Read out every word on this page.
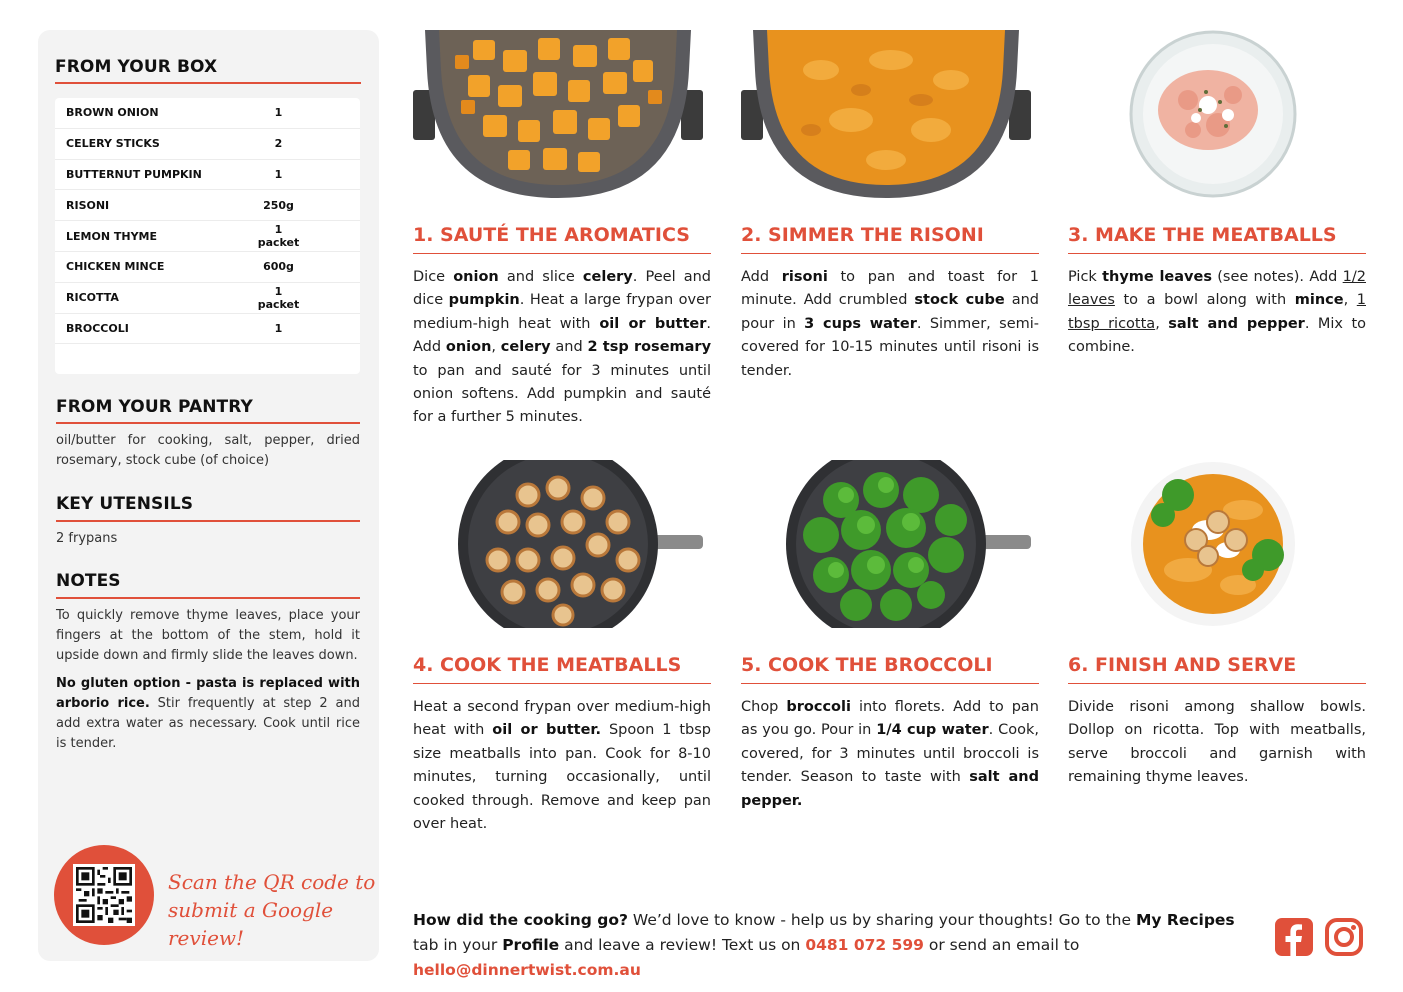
FROM YOUR BOX
BROWN ONION	1
CELERY STICKS	2
BUTTERNUT PUMPKIN	1
RISONI	250g
LEMON THYME	1 packet
CHICKEN MINCE	600g
RICOTTA	1 packet
BROCCOLI	1
FROM YOUR PANTRY
oil/butter for cooking, salt, pepper, dried rosemary, stock cube (of choice)
KEY UTENSILS
2 frypans
NOTES
To quickly remove thyme leaves, place your fingers at the bottom of the stem, hold it upside down and firmly slide the leaves down.
No gluten option - pasta is replaced with arborio rice. Stir frequently at step 2 and add extra water as necessary. Cook until rice is tender.
Scan the QR code to
submit a Google review!
1. SAUTÉ THE AROMATICS	2. SIMMER THE RISONI	3. MAKE THE MEATBALLS
4. COOK THE MEATBALLS	5. COOK THE BROCCOLI	6. FINISH AND SERVE
Dice onion and slice celery. Peel and dice pumpkin. Heat a large frypan over medium-high heat with oil or butter. Add onion, celery and 2 tsp rosemary to pan and sauté for 3 minutes until onion softens. Add pumpkin and sauté for a further 5 minutes.
Add risoni to pan and toast for 1 minute. Add crumbled stock cube and pour in 3 cups water. Simmer, semi-covered for 10-15 minutes until risoni is tender.
Pick thyme leaves (see notes). Add 1/2 leaves to a bowl along with mince, 1 tbsp ricotta, salt and pepper. Mix to combine.
Heat a second frypan over medium-high heat with oil or butter. Spoon 1 tbsp size meatballs into pan. Cook for 8-10 minutes, turning occasionally, until cooked through. Remove and keep pan over heat.
Chop broccoli into florets. Add to pan as you go. Pour in 1/4 cup water. Cook, covered, for 3 minutes until broccoli is tender. Season to taste with salt and pepper.
Divide risoni among shallow bowls. Dollop on ricotta. Top with meatballs, serve broccoli and garnish with remaining thyme leaves.
How did the cooking go? We’d love to know - help us by sharing your thoughts! Go to the My Recipes tab in your Profile and leave a review! Text us on 0481 072 599 or send an email to hello@dinnertwist.com.au
